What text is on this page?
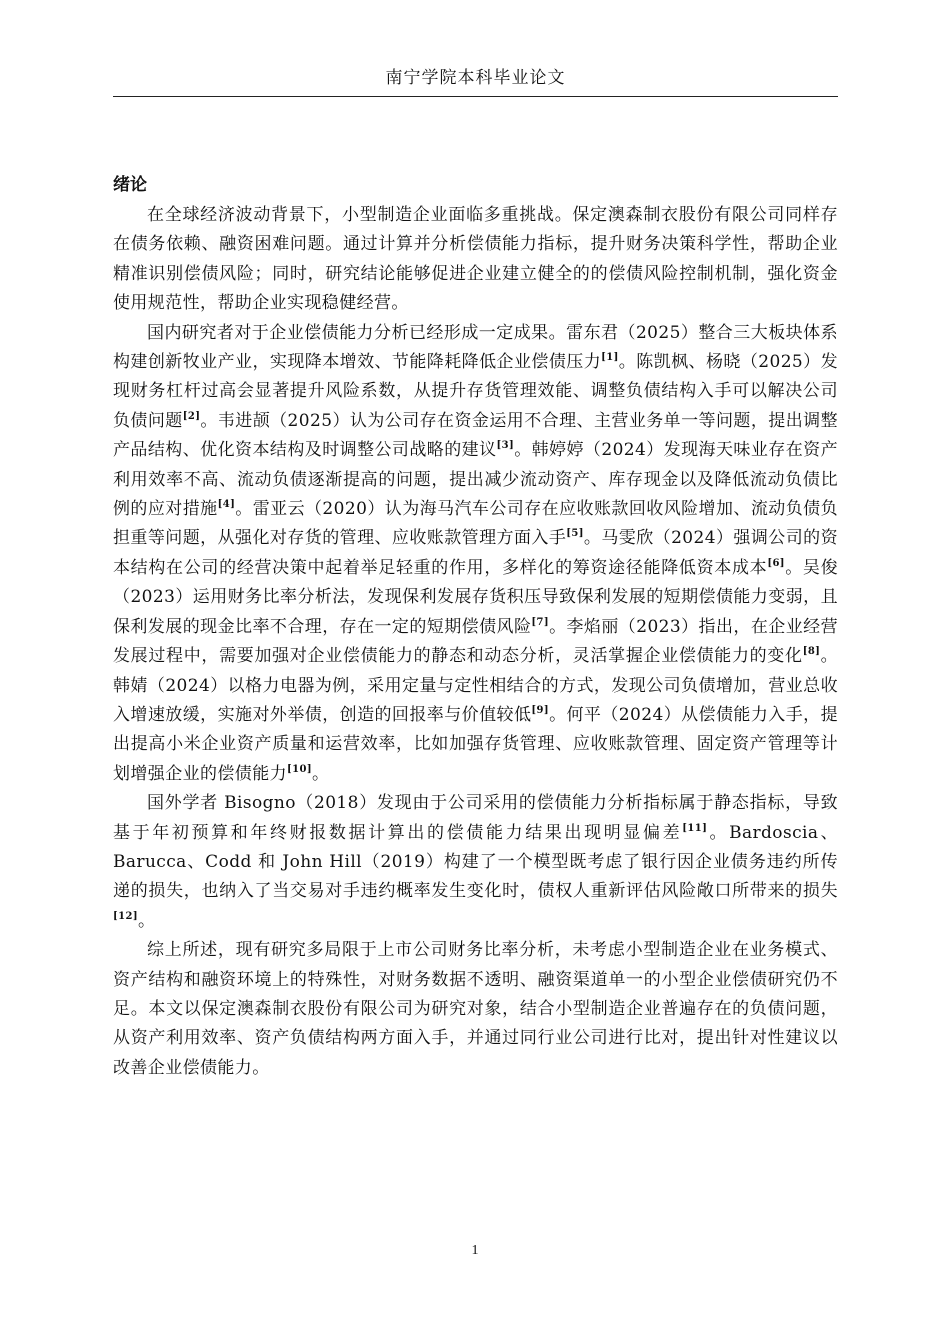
南宁学院本科毕业论文
绪论

在全球经济波动背景下，小型制造企业面临多重挑战。保定澳森制衣股份有限公司同样存在债务依赖、融资困难问题。通过计算并分析偿债能力指标，提升财务决策科学性，帮助企业精准识别偿债风险；同时，研究结论能够促进企业建立健全的的偿债风险控制机制，强化资金使用规范性，帮助企业实现稳健经营。

国内研究者对于企业偿债能力分析已经形成一定成果。雷东君（2025）整合三大板块体系构建创新牧业产业，实现降本增效、节能降耗降低企业偿债压力[1]。陈凯枫、杨晓（2025）发现财务杠杆过高会显著提升风险系数，从提升存货管理效能、调整负债结构入手可以解决公司负债问题[2]。韦进颉（2025）认为公司存在资金运用不合理、主营业务单一等问题，提出调整产品结构、优化资本结构及时调整公司战略的建议[3]。韩婷婷（2024）发现海天味业存在资产利用效率不高、流动负债逐渐提高的问题，提出减少流动资产、库存现金以及降低流动负债比例的应对措施[4]。雷亚云（2020）认为海马汽车公司存在应收账款回收风险增加、流动负债负担重等问题，从强化对存货的管理、应收账款管理方面入手[5]。马雯欣（2024）强调公司的资本结构在公司的经营决策中起着举足轻重的作用，多样化的筹资途径能降低资本成本[6]。吴俊（2023）运用财务比率分析法，发现保利发展存货积压导致保利发展的短期偿债能力变弱，且保利发展的现金比率不合理，存在一定的短期偿债风险[7]。李焰丽（2023）指出，在企业经营发展过程中，需要加强对企业偿债能力的静态和动态分析，灵活掌握企业偿债能力的变化[8]。韩婧（2024）以格力电器为例，采用定量与定性相结合的方式，发现公司负债增加，营业总收入增速放缓，实施对外举债，创造的回报率与价值较低[9]。何平（2024）从偿债能力入手，提出提高小米企业资产质量和运营效率，比如加强存货管理、应收账款管理、固定资产管理等计划增强企业的偿债能力[10]。

国外学者 Bisogno（2018）发现由于公司采用的偿债能力分析指标属于静态指标，导致基于年初预算和年终财报数据计算出的偿债能力结果出现明显偏差[11]。Bardoscia、Barucca、Codd 和 John Hill（2019）构建了一个模型既考虑了银行因企业债务违约所传递的损失，也纳入了当交易对手违约概率发生变化时，债权人重新评估风险敞口所带来的损失[12]。

综上所述，现有研究多局限于上市公司财务比率分析，未考虑小型制造企业在业务模式、资产结构和融资环境上的特殊性，对财务数据不透明、融资渠道单一的小型企业偿债研究仍不足。本文以保定澳森制衣股份有限公司为研究对象，结合小型制造企业普遍存在的负债问题，从资产利用效率、资产负债结构两方面入手，并通过同行业公司进行比对，提出针对性建议以改善企业偿债能力。

1
